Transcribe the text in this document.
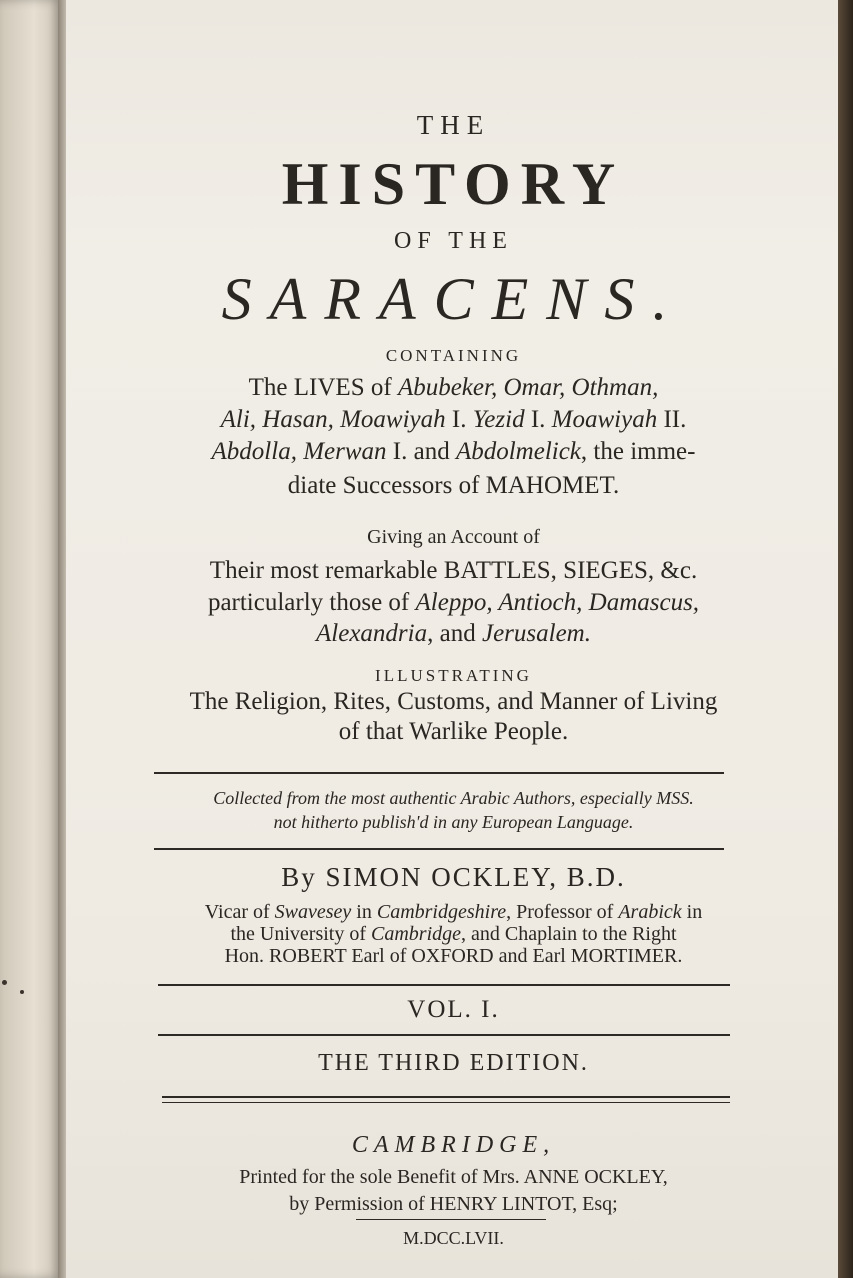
THE
HISTORY
OF THE
SARACENS.
CONTAINING
The LIVES of Abubeker, Omar, Othman,
Ali, Hasan, Moawiyah I. Yezid I. Moawiyah II.
Abdolla, Merwan I. and Abdolmelick, the imme-
diate Successors of MAHOMET.
Giving an Account of
Their most remarkable BATTLES, SIEGES, &c.
particularly those of Aleppo, Antioch, Damascus,
Alexandria, and Jerusalem.
ILLUSTRATING
The Religion, Rites, Customs, and Manner of Living
of that Warlike People.
Collected from the most authentic Arabic Authors, especially MSS.
not hitherto publish'd in any European Language.
By SIMON OCKLEY, B.D.
Vicar of Swavesey in Cambridgeshire, Professor of Arabick in
the University of Cambridge, and Chaplain to the Right
Hon. ROBERT Earl of OXFORD and Earl MORTIMER.
VOL. I.
THE THIRD EDITION.
CAMBRIDGE,
Printed for the sole Benefit of Mrs. ANNE OCKLEY,
by Permission of HENRY LINTOT, Esq;
M.DCC.LVII.
